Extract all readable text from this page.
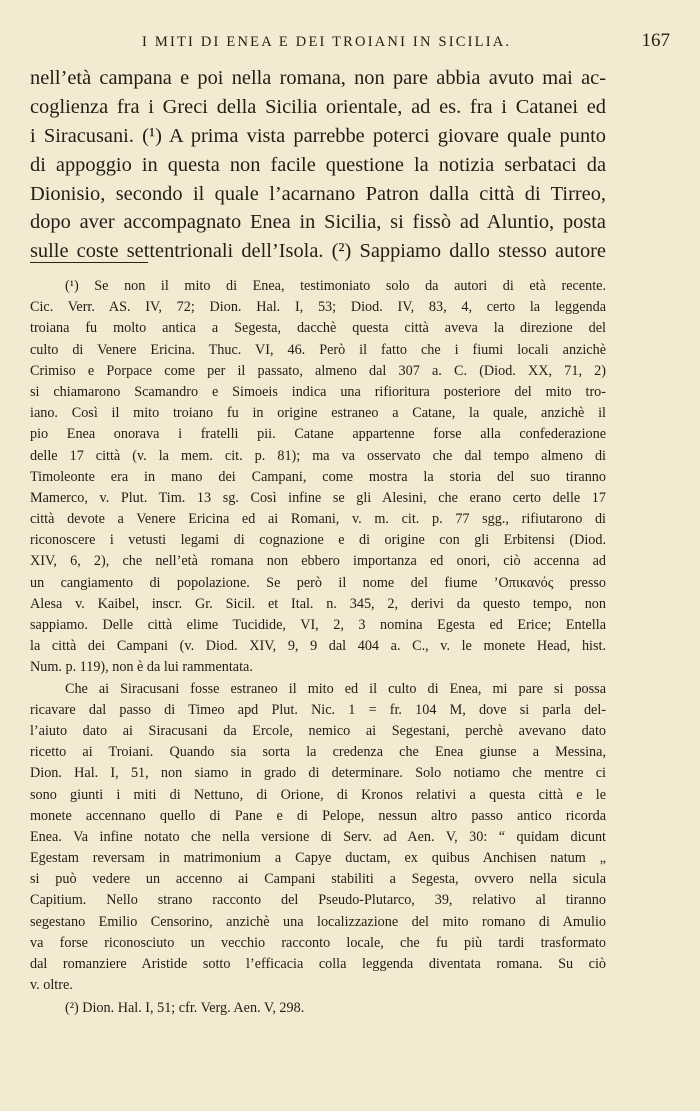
I MITI DI ENEA E DEI TROIANI IN SICILIA.	167
nell’età campana e poi nella romana, non pare abbia avuto mai ac-
coglienza fra i Greci della Sicilia orientale, ad es. fra i Catanei ed
i Siracusani. (¹) A prima vista parrebbe poterci giovare quale punto
di appoggio in questa non facile questione la notizia serbataci da
Dionisio, secondo il quale l’acarnano Patron dalla città di Tirreo,
dopo aver accompagnato Enea in Sicilia, si fissò ad Aluntio, posta
sulle coste settentrionali dell’Isola. (²) Sappiamo dallo stesso autore
(¹) Se non il mito di Enea, testimoniato solo da autori di età recente.
Cic. Verr. AS. IV, 72; Dion. Hal. I, 53; Diod. IV, 83, 4, certo la leggenda
troiana fu molto antica a Segesta, dacchè questa città aveva la direzione del
culto di Venere Ericina. Thuc. VI, 46. Però il fatto che i fiumi locali anzichè
Crimiso e Porpace come per il passato, almeno dal 307 a. C. (Diod. XX, 71, 2)
si chiamarono Scamandro e Simoeis indica una rifioritura posteriore del mito tro-
iano. Così il mito troiano fu in origine estraneo a Catane, la quale, anzichè il
pio Enea onorava i fratelli pii. Catane appartenne forse alla confederazione
delle 17 città (v. la mem. cit. p. 81); ma va osservato che dal tempo almeno di
Timoleonte era in mano dei Campani, come mostra la storia del suo tiranno
Mamerco, v. Plut. Tim. 13 sg. Così infine se gli Alesini, che erano certo delle 17
città devote a Venere Ericina ed ai Romani, v. m. cit. p. 77 sgg., rifiutarono di
riconoscere i vetusti legami di cognazione e di origine con gli Erbitensi (Diod.
XIV, 6, 2), che nell’età romana non ebbero importanza ed onori, ciò accenna ad
un cangiamento di popolazione. Se però il nome del fiume ’Οπικανός presso
Alesa v. Kaibel, inscr. Gr. Sicil. et Ital. n. 345, 2, derivi da questo tempo, non
sappiamo. Delle città elime Tucidide, VI, 2, 3 nomina Egesta ed Erice; Entella
la città dei Campani (v. Diod. XIV, 9, 9 dal 404 a. C., v. le monete Head, hist.
Num. p. 119), non è da lui rammentata.
Che ai Siracusani fosse estraneo il mito ed il culto di Enea, mi pare si possa
ricavare dal passo di Timeo apd Plut. Nic. 1 = fr. 104 M, dove si parla del-
l’aiuto dato ai Siracusani da Ercole, nemico ai Segestani, perchè avevano dato
ricetto ai Troiani. Quando sia sorta la credenza che Enea giunse a Messina,
Dion. Hal. I, 51, non siamo in grado di determinare. Solo notiamo che mentre ci
sono giunti i miti di Nettuno, di Orione, di Kronos relativi a questa città e le
monete accennano quello di Pane e di Pelope, nessun altro passo antico ricorda
Enea. Va infine notato che nella versione di Serv. ad Aen. V, 30: “ quidam dicunt
Egestam reversam in matrimonium a Capye ductam, ex quibus Anchisen natum „
si può vedere un accenno ai Campani stabiliti a Segesta, ovvero nella sicula
Capitium. Nello strano racconto del Pseudo-Plutarco, 39, relativo al tiranno
segestano Emilio Censorino, anzichè una localizzazione del mito romano di Amulio
va forse riconosciuto un vecchio racconto locale, che fu più tardi trasformato
dal romanziere Aristide sotto l’efficacia colla leggenda diventata romana. Su ciò
v. oltre.
(²) Dion. Hal. I, 51; cfr. Verg. Aen. V, 298.
